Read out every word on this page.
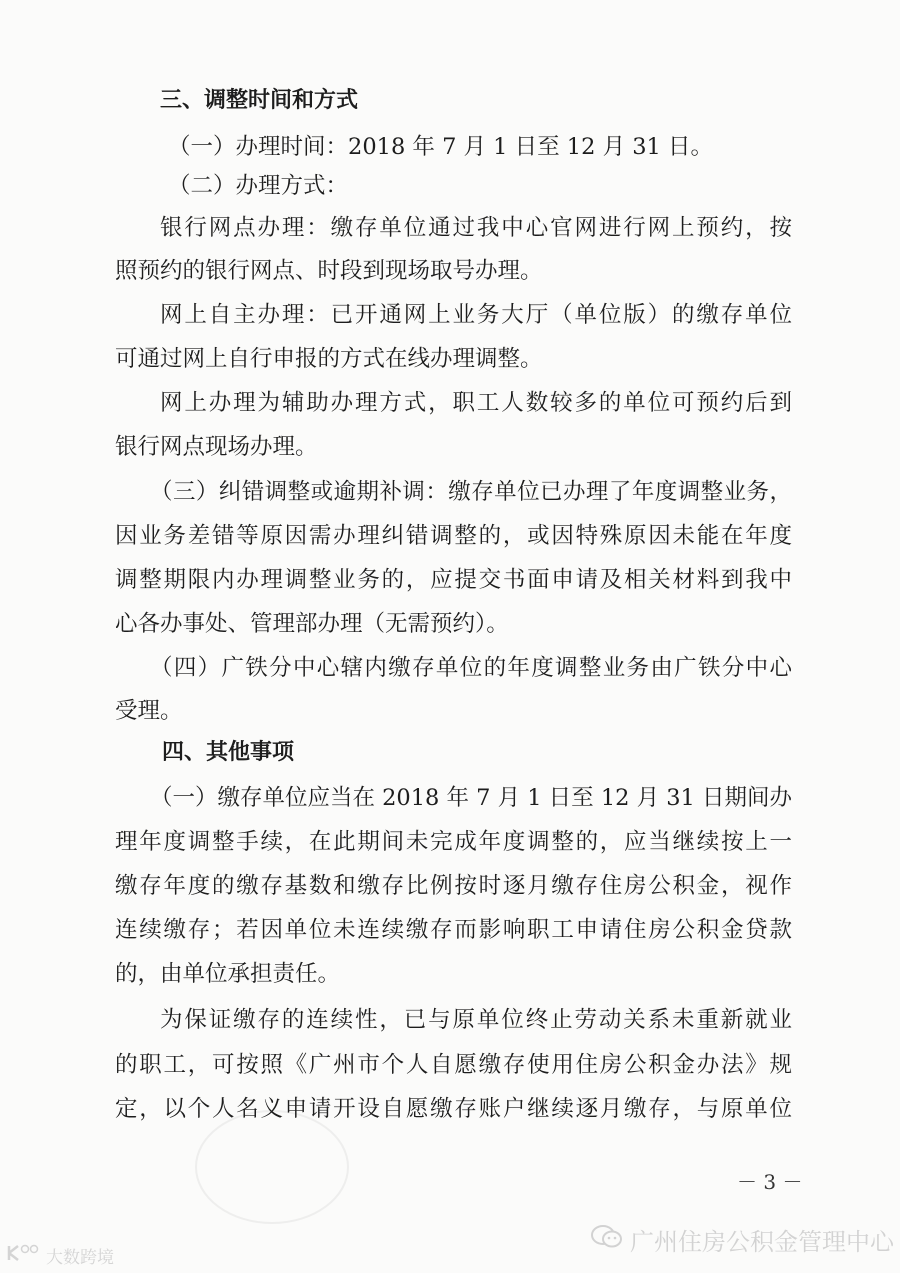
三、调整时间和方式
（一）办理时间：2018 年 7 月 1 日至 12 月 31 日。
（二）办理方式：
银行网点办理：缴存单位通过我中心官网进行网上预约，按
照预约的银行网点、时段到现场取号办理。
网上自主办理：已开通网上业务大厅（单位版）的缴存单位
可通过网上自行申报的方式在线办理调整。
网上办理为辅助办理方式，职工人数较多的单位可预约后到
银行网点现场办理。
（三）纠错调整或逾期补调：缴存单位已办理了年度调整业务，
因业务差错等原因需办理纠错调整的，或因特殊原因未能在年度
调整期限内办理调整业务的，应提交书面申请及相关材料到我中
心各办事处、管理部办理（无需预约）。
（四）广铁分中心辖内缴存单位的年度调整业务由广铁分中心
受理。
四、其他事项
（一）缴存单位应当在 2018 年 7 月 1 日至 12 月 31 日期间办
理年度调整手续，在此期间未完成年度调整的，应当继续按上一
缴存年度的缴存基数和缴存比例按时逐月缴存住房公积金，视作
连续缴存；若因单位未连续缴存而影响职工申请住房公积金贷款
的，由单位承担责任。
为保证缴存的连续性，已与原单位终止劳动关系未重新就业
的职工，可按照《广州市个人自愿缴存使用住房公积金办法》规
定，以个人名义申请开设自愿缴存账户继续逐月缴存，与原单位
－ 3 －
广州住房公积金管理中心
大数跨境
